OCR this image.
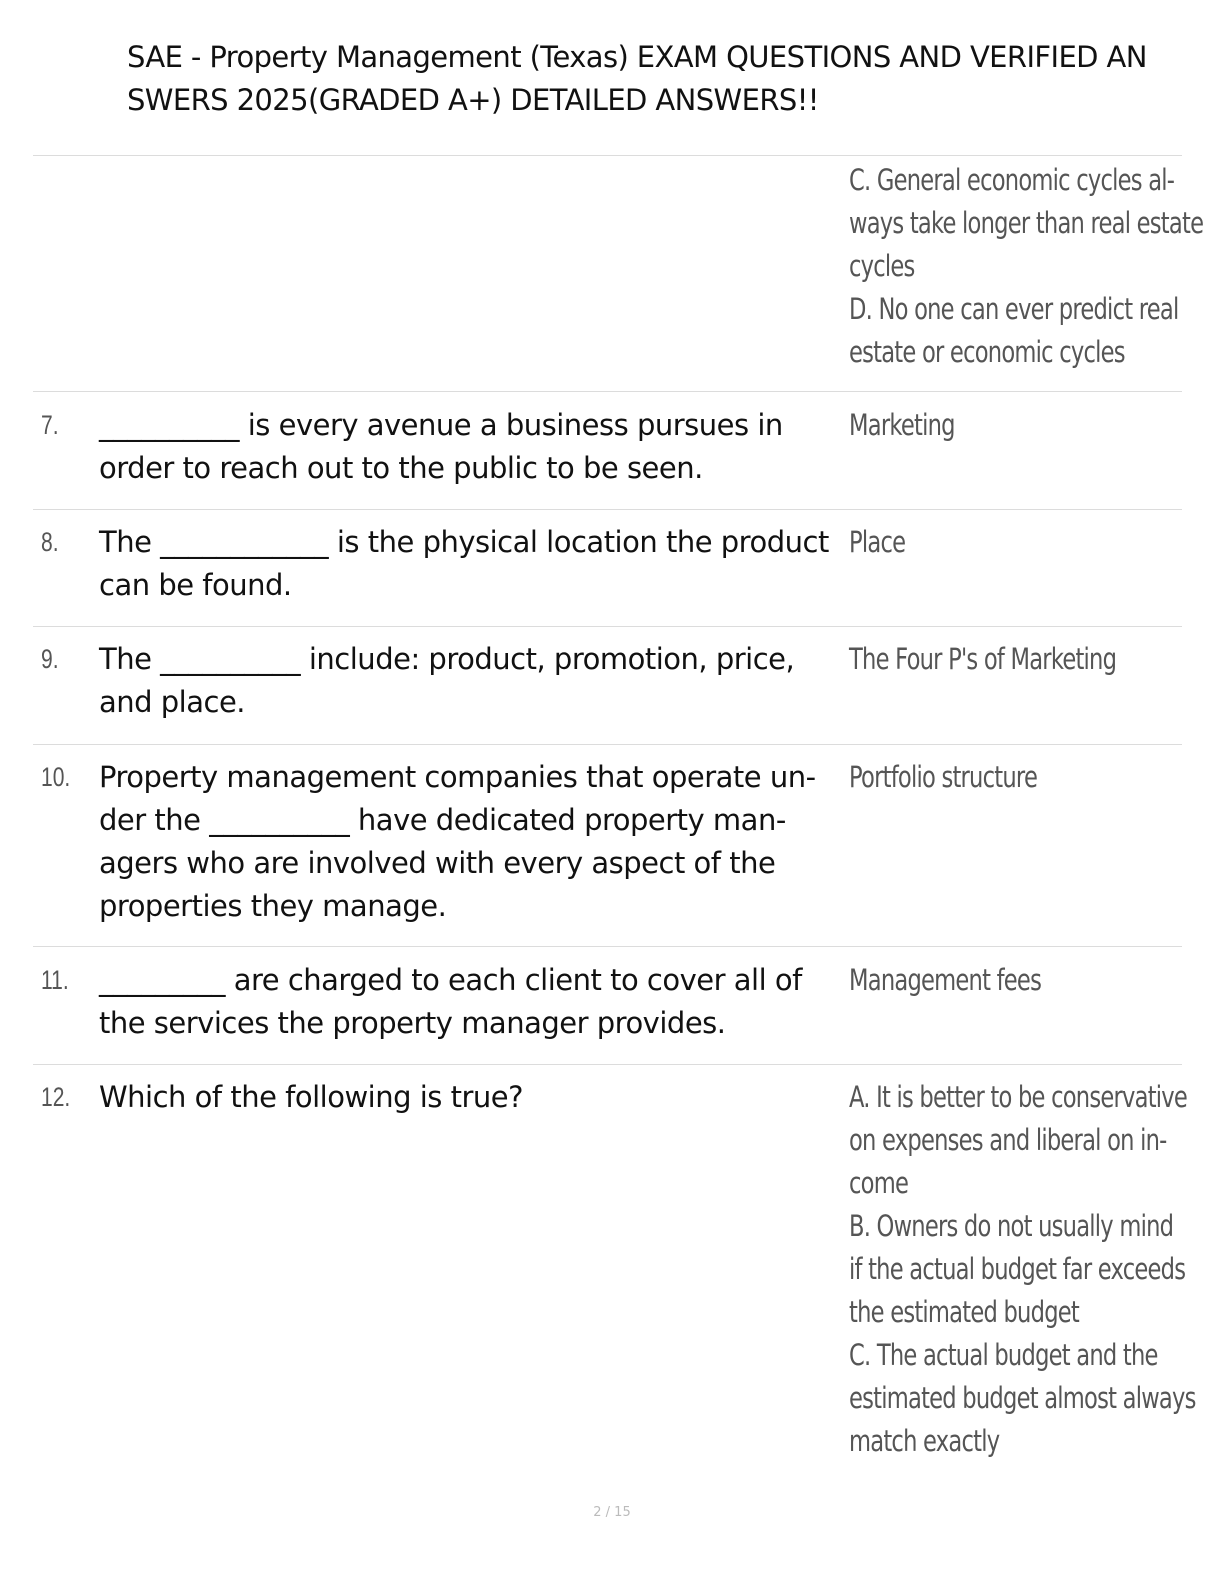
SAE - Property Management (Texas) EXAM QUESTIONS AND VERIFIED AN
SWERS 2025(GRADED A+) DETAILED ANSWERS!!
C. General economic cycles al-
ways take longer than real estate
cycles
D. No one can ever predict real
estate or economic cycles
7. __________ is every avenue a business pursues in
order to reach out to the public to be seen.
Marketing
8. The ____________ is the physical location the product
can be found.
Place
9. The __________ include: product, promotion, price,
and place.
The Four P's of Marketing
10. Property management companies that operate un-
der the __________ have dedicated property man-
agers who are involved with every aspect of the
properties they manage.
Portfolio structure
11. _________ are charged to each client to cover all of
the services the property manager provides.
Management fees
12. Which of the following is true?	A. It is better to be conservative
on expenses and liberal on in-
come
B. Owners do not usually mind
if the actual budget far exceeds
the estimated budget
C. The actual budget and the
estimated budget almost always
match exactly
2 / 15
